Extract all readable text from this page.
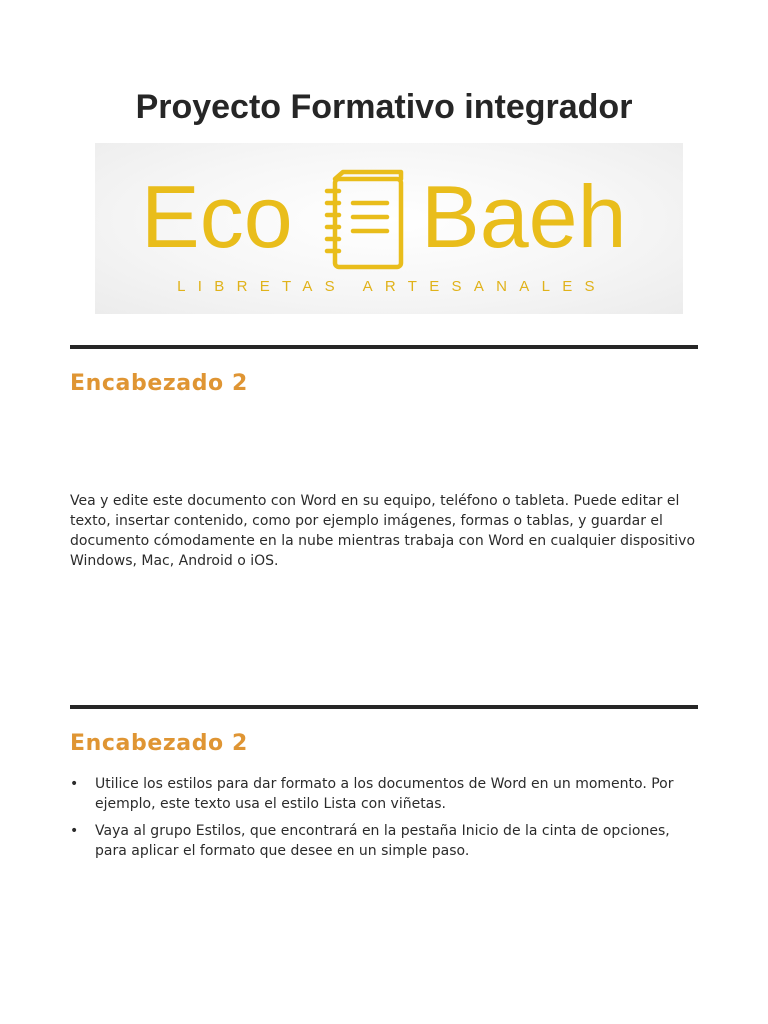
Proyecto Formativo integrador
Eco Baeh
LIBRETAS ARTESANALES
Encabezado 2

Vea y edite este documento con Word en su equipo, teléfono o tableta. Puede editar el texto, insertar contenido, como por ejemplo imágenes, formas o tablas, y guardar el documento cómodamente en la nube mientras trabaja con Word en cualquier dispositivo Windows, Mac, Android o iOS.

Encabezado 2
• Utilice los estilos para dar formato a los documentos de Word en un momento. Por ejemplo, este texto usa el estilo Lista con viñetas.
• Vaya al grupo Estilos, que encontrará en la pestaña Inicio de la cinta de opciones, para aplicar el formato que desee en un simple paso.
